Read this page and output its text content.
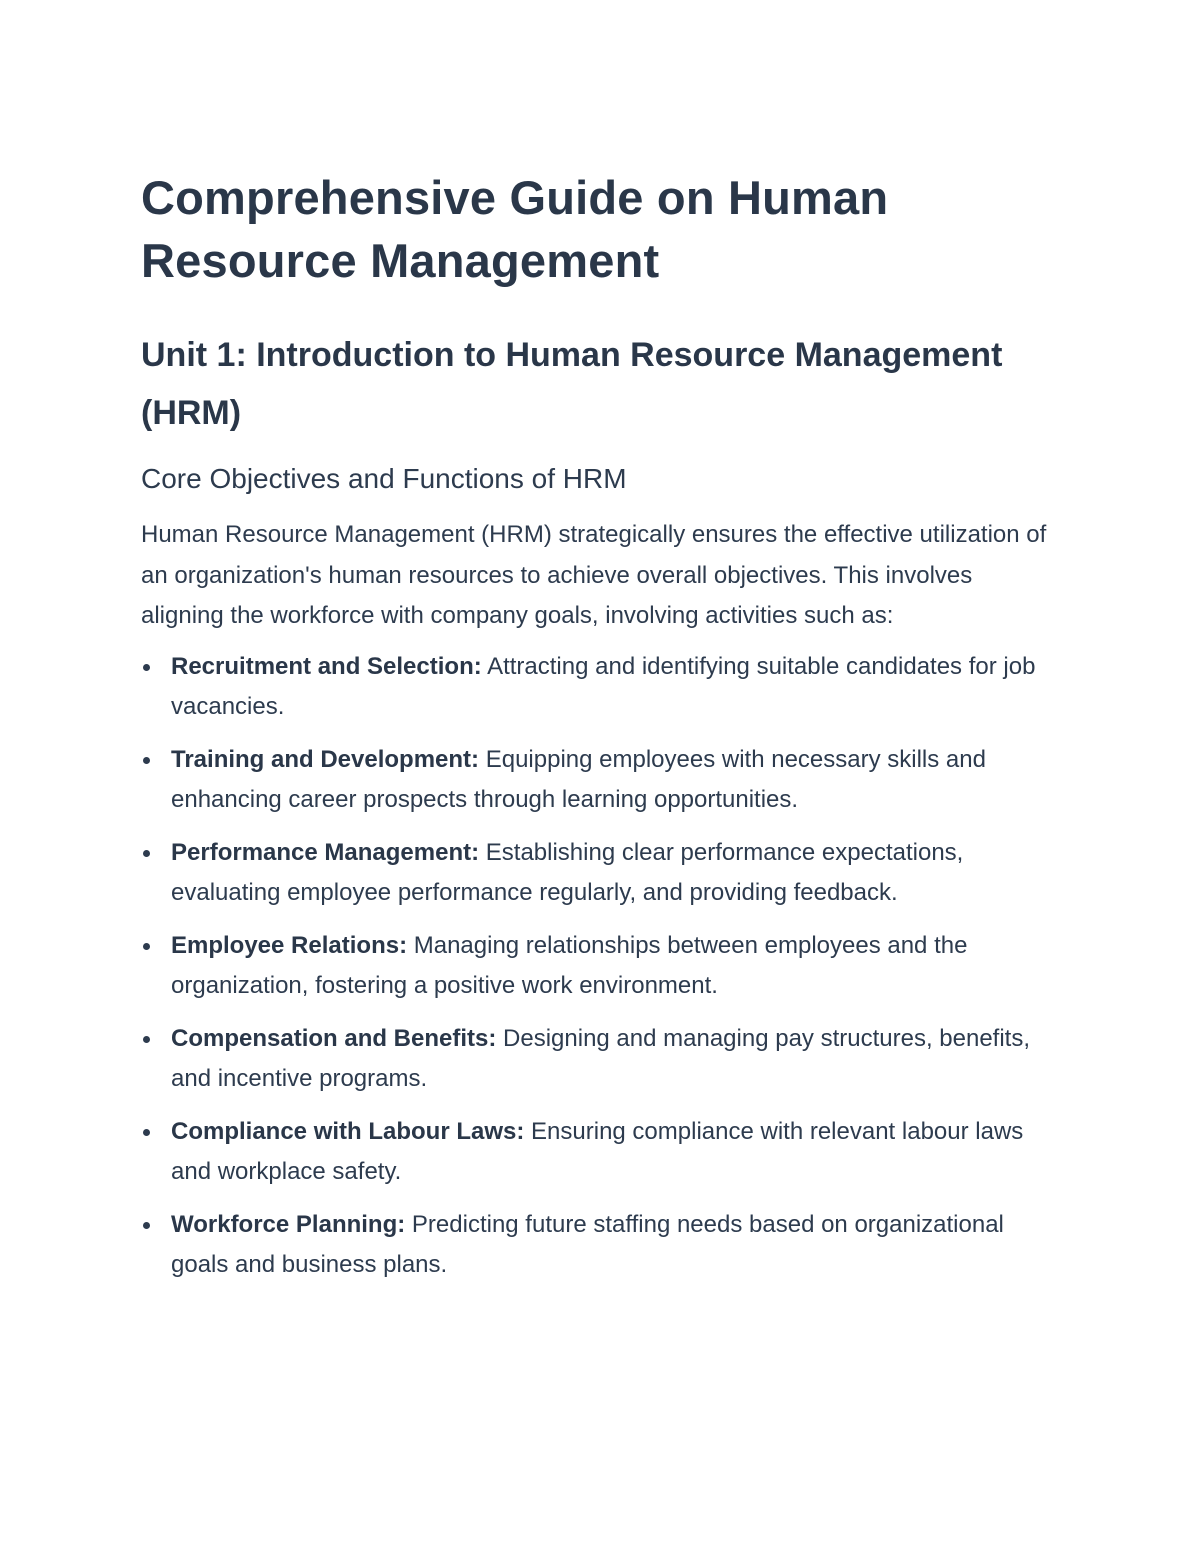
Comprehensive Guide on Human Resource Management
Unit 1: Introduction to Human Resource Management (HRM)
Core Objectives and Functions of HRM

Human Resource Management (HRM) strategically ensures the effective utilization of an organization's human resources to achieve overall objectives. This involves aligning the workforce with company goals, involving activities such as:

Recruitment and Selection: Attracting and identifying suitable candidates for job vacancies.
Training and Development: Equipping employees with necessary skills and enhancing career prospects through learning opportunities.
Performance Management: Establishing clear performance expectations, evaluating employee performance regularly, and providing feedback.
Employee Relations: Managing relationships between employees and the organization, fostering a positive work environment.
Compensation and Benefits: Designing and managing pay structures, benefits, and incentive programs.
Compliance with Labour Laws: Ensuring compliance with relevant labour laws and workplace safety.
Workforce Planning: Predicting future staffing needs based on organizational goals and business plans.
